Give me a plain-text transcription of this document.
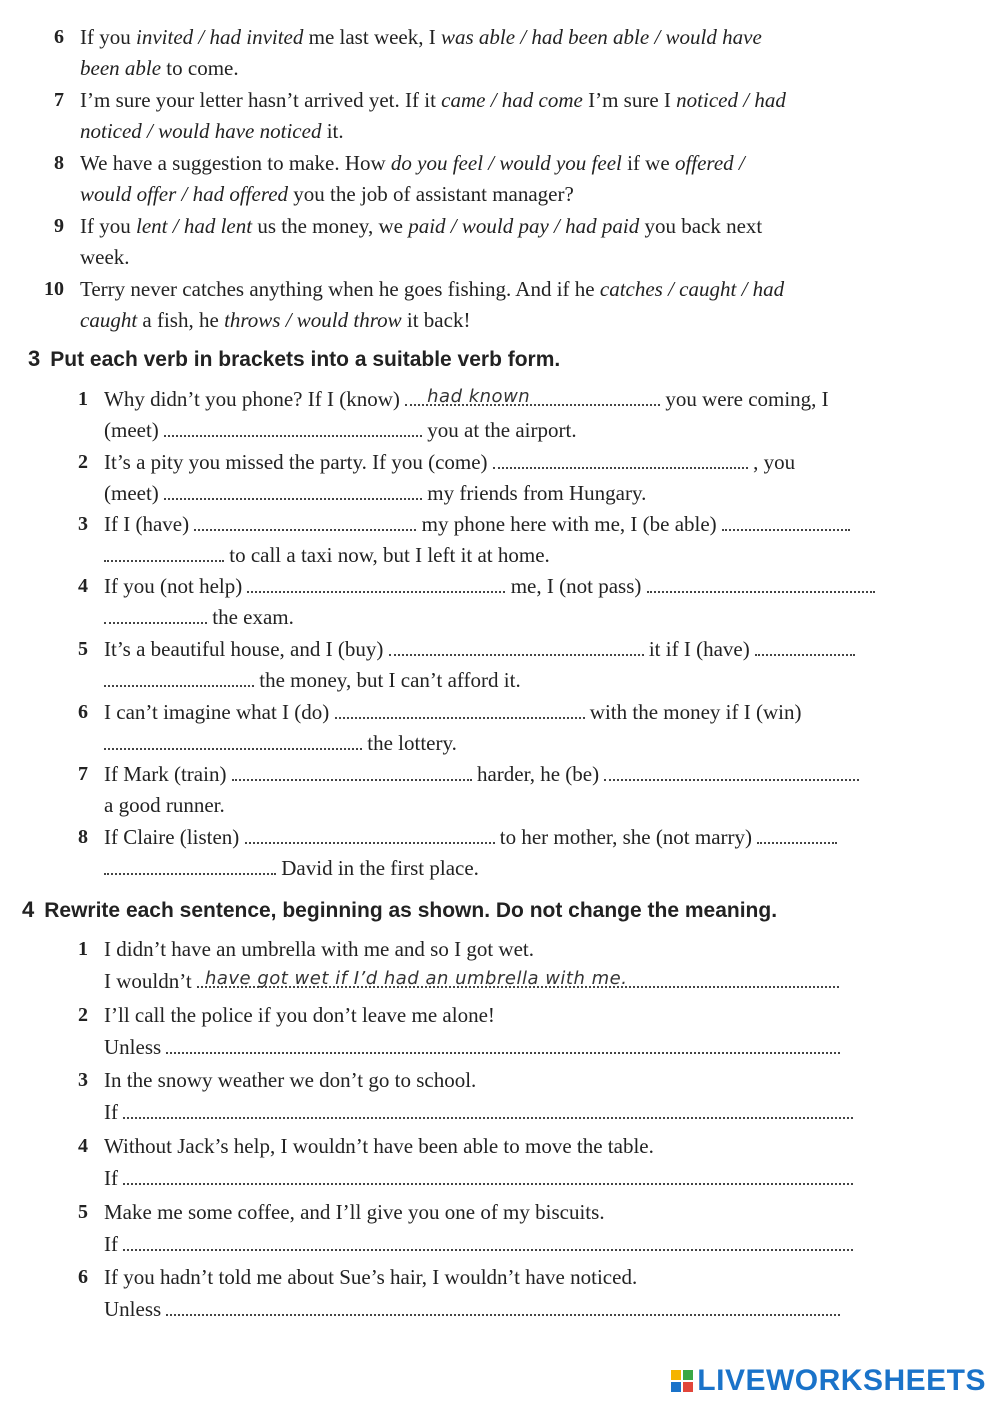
6 If you invited / had invited me last week, I was able / had been able / would have
been able to come.
7 I’m sure your letter hasn’t arrived yet. If it came / had come I’m sure I noticed / had
noticed / would have noticed it.
8 We have a suggestion to make. How do you feel / would you feel if we offered /
would offer / had offered you the job of assistant manager?
9 If you lent / had lent us the money, we paid / would pay / had paid you back next
week.
10 Terry never catches anything when he goes fishing. And if he catches / caught / had
caught a fish, he throws / would throw it back!
3 Put each verb in brackets into a suitable verb form.
1 Why didn’t you phone? If I (know) had known	you were coming, I
(meet)	you at the airport.
2 It’s a pity you missed the party. If you (come)	, you
(meet)	my friends from Hungary.
3 If I (have)	my phone here with me, I (be able)
to call a taxi now, but I left it at home.
4 If you (not help)	me, I (not pass)
the exam.
5 It’s a beautiful house, and I (buy)	it if I (have)
the money, but I can’t afford it.
6 I can’t imagine what I (do)	with the money if I (win)
the lottery.
7 If Mark (train)	harder, he (be)
a good runner.
8 If Claire (listen)	to her mother, she (not marry)
David in the first place.
4 Rewrite each sentence, beginning as shown. Do not change the meaning.
1 I didn’t have an umbrella with me and so I got wet.
I wouldn’t have got wet if I’d had an umbrella with me.
2 I’ll call the police if you don’t leave me alone!
Unless
3 In the snowy weather we don’t go to school.
If
4 Without Jack’s help, I wouldn’t have been able to move the table.
If
5 Make me some coffee, and I’ll give you one of my biscuits.
If
6 If you hadn’t told me about Sue’s hair, I wouldn’t have noticed.
Unless
LIVEWORKSHEETS
